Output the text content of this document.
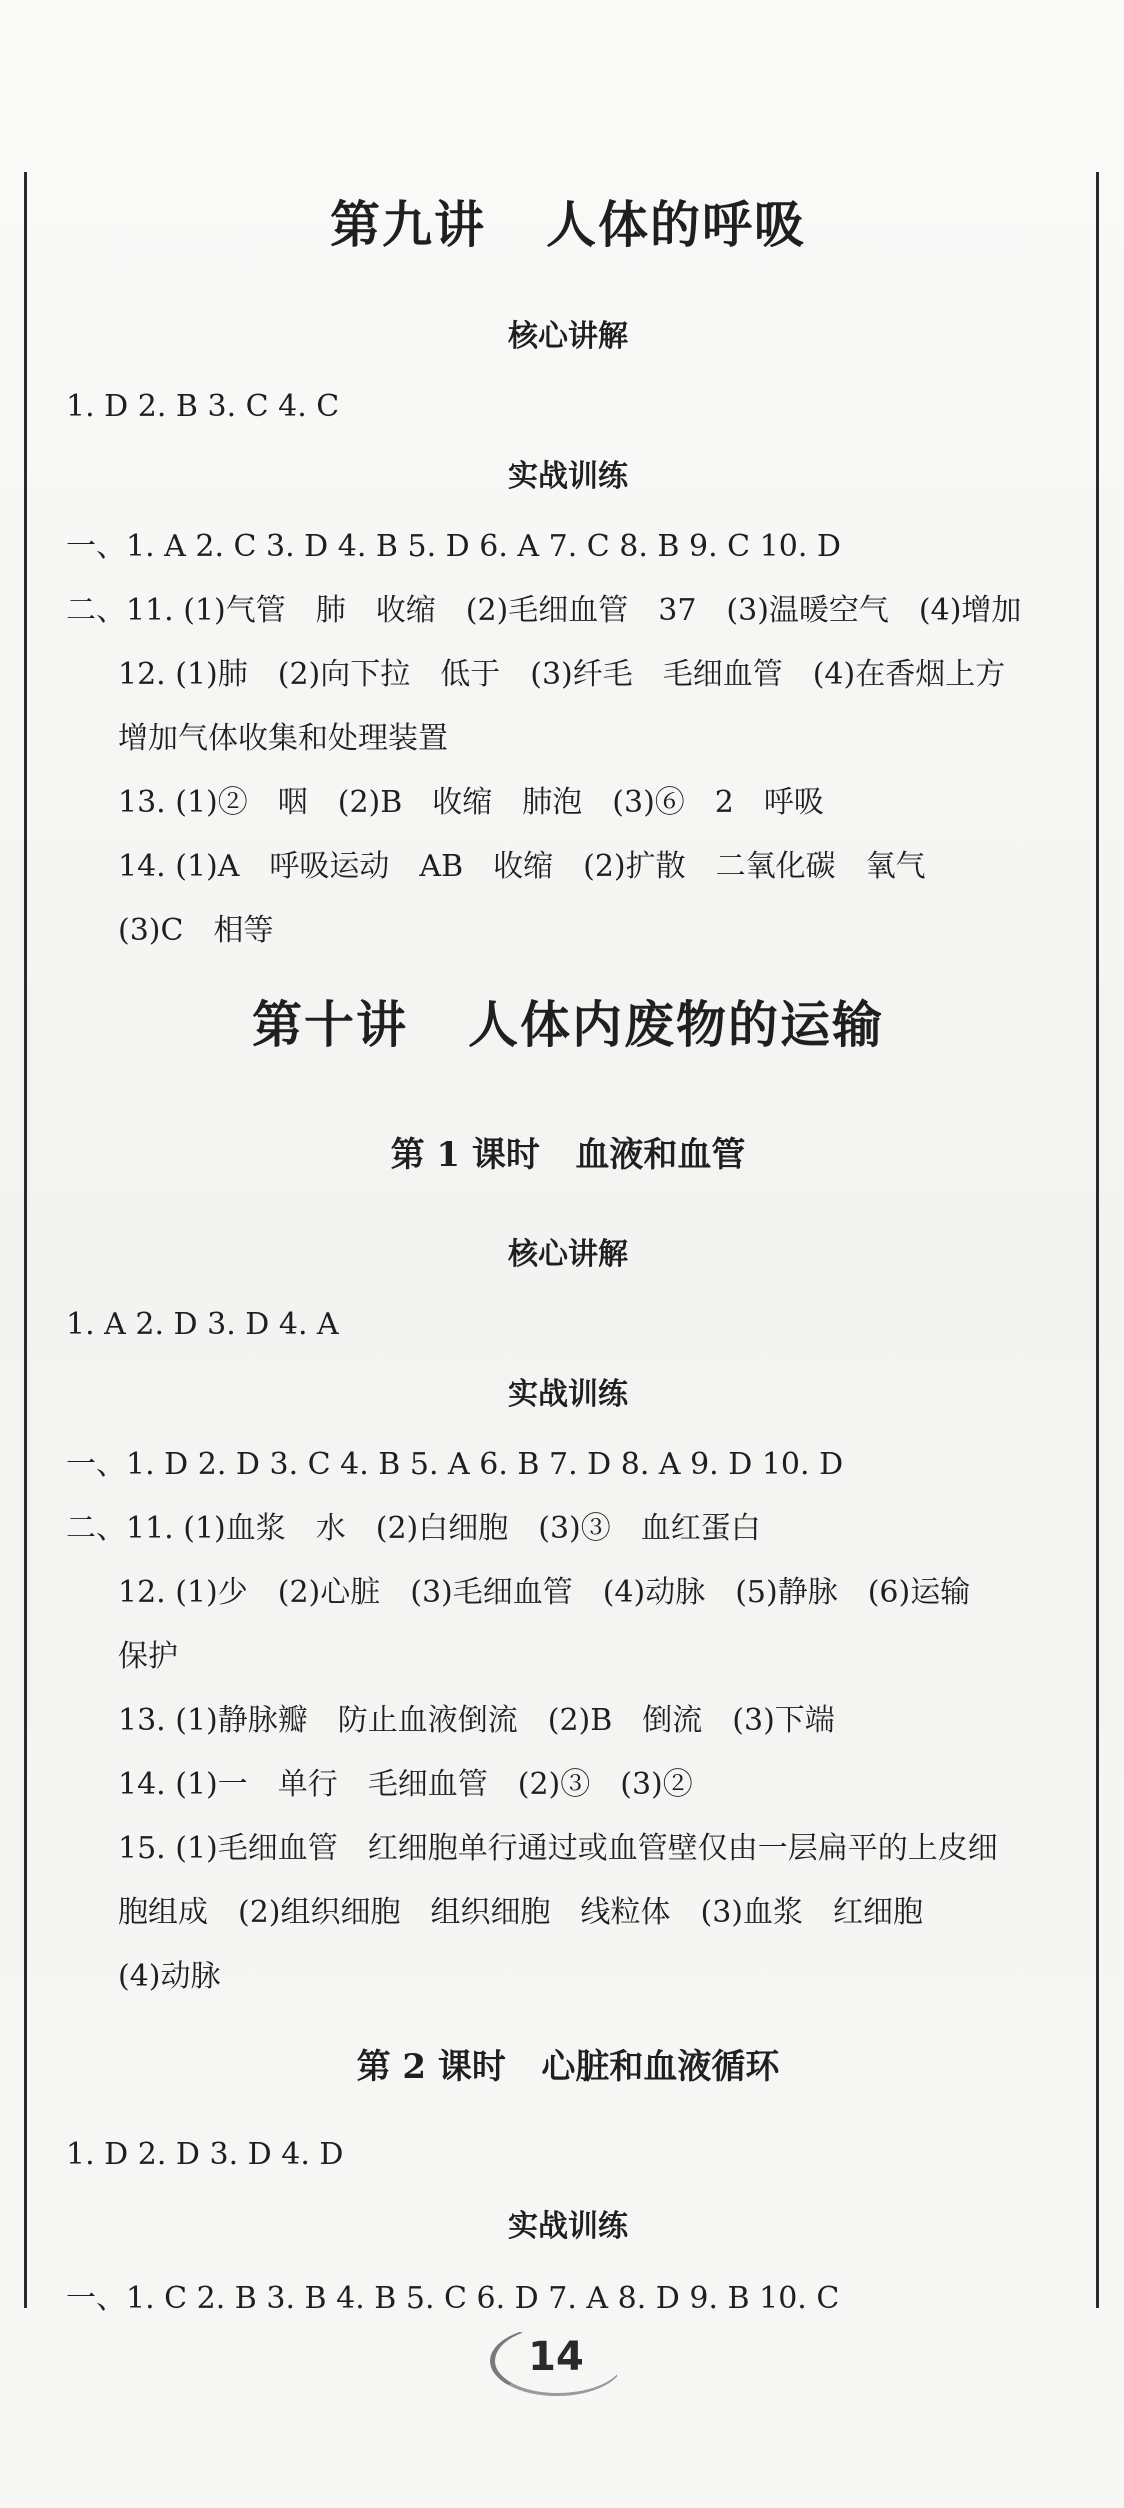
第九讲 人体的呼吸

核心讲解

1. D 2. B 3. C 4. C

实战训练

一、1. A 2. C 3. D 4. B 5. D 6. A 7. C 8. B 9. C 10. D

二、11. (1)气管　肺　收缩　(2)毛细血管　37　(3)温暖空气　(4)增加

12. (1)肺　(2)向下拉　低于　(3)纤毛　毛细血管　(4)在香烟上方

增加气体收集和处理装置

13. (1)②　咽　(2)B　收缩　肺泡　(3)⑥　2　呼吸

14. (1)A　呼吸运动　AB　收缩　(2)扩散　二氧化碳　氧气

(3)C　相等

第十讲 人体内废物的运输

第 1 课时 血液和血管

核心讲解

1. A 2. D 3. D 4. A

实战训练

一、1. D 2. D 3. C 4. B 5. A 6. B 7. D 8. A 9. D 10. D

二、11. (1)血浆　水　(2)白细胞　(3)③　血红蛋白

12. (1)少　(2)心脏　(3)毛细血管　(4)动脉　(5)静脉　(6)运输

保护

13. (1)静脉瓣　防止血液倒流　(2)B　倒流　(3)下端

14. (1)一　单行　毛细血管　(2)③　(3)②

15. (1)毛细血管　红细胞单行通过或血管壁仅由一层扁平的上皮细

胞组成　(2)组织细胞　组织细胞　线粒体　(3)血浆　红细胞

(4)动脉

第 2 课时 心脏和血液循环

1. D 2. D 3. D 4. D

实战训练

一、1. C 2. B 3. B 4. B 5. C 6. D 7. A 8. D 9. B 10. C

14
